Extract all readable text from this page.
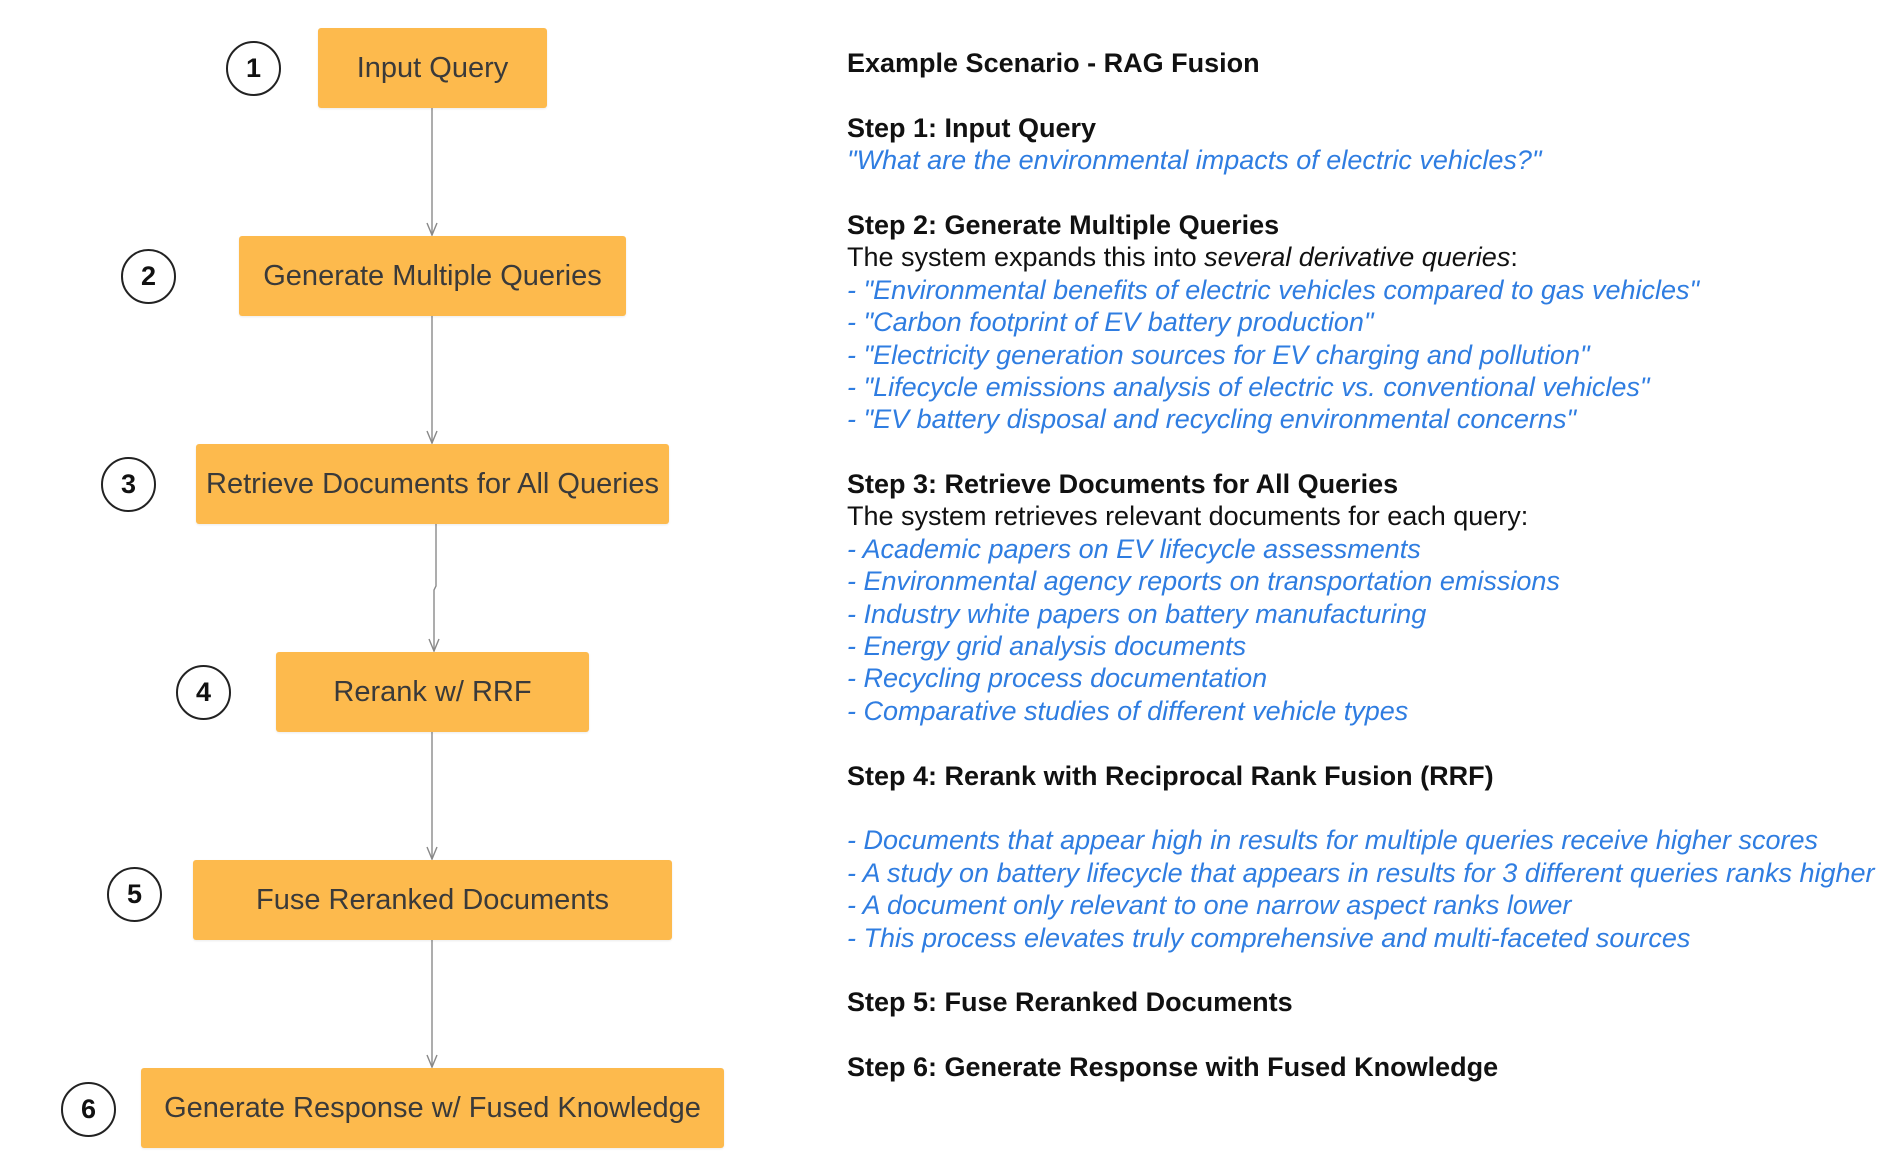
1	Input Query
2	Generate Multiple Queries
3	Retrieve Documents for All Queries
4	Rerank w/ RRF
5	Fuse Reranked Documents
6	Generate Response w/ Fused Knowledge
Example Scenario - RAG Fusion
Step 1: Input Query
"What are the environmental impacts of electric vehicles?"
Step 2: Generate Multiple Queries
The system expands this into several derivative queries:
- "Environmental benefits of electric vehicles compared to gas vehicles"
- "Carbon footprint of EV battery production"
- "Electricity generation sources for EV charging and pollution"
- "Lifecycle emissions analysis of electric vs. conventional vehicles"
- "EV battery disposal and recycling environmental concerns"
Step 3: Retrieve Documents for All Queries
The system retrieves relevant documents for each query:
- Academic papers on EV lifecycle assessments
- Environmental agency reports on transportation emissions
- Industry white papers on battery manufacturing
- Energy grid analysis documents
- Recycling process documentation
- Comparative studies of different vehicle types
Step 4: Rerank with Reciprocal Rank Fusion (RRF)
- Documents that appear high in results for multiple queries receive higher scores
- A study on battery lifecycle that appears in results for 3 different queries ranks higher
- A document only relevant to one narrow aspect ranks lower
- This process elevates truly comprehensive and multi-faceted sources
Step 5: Fuse Reranked Documents
Step 6: Generate Response with Fused Knowledge
